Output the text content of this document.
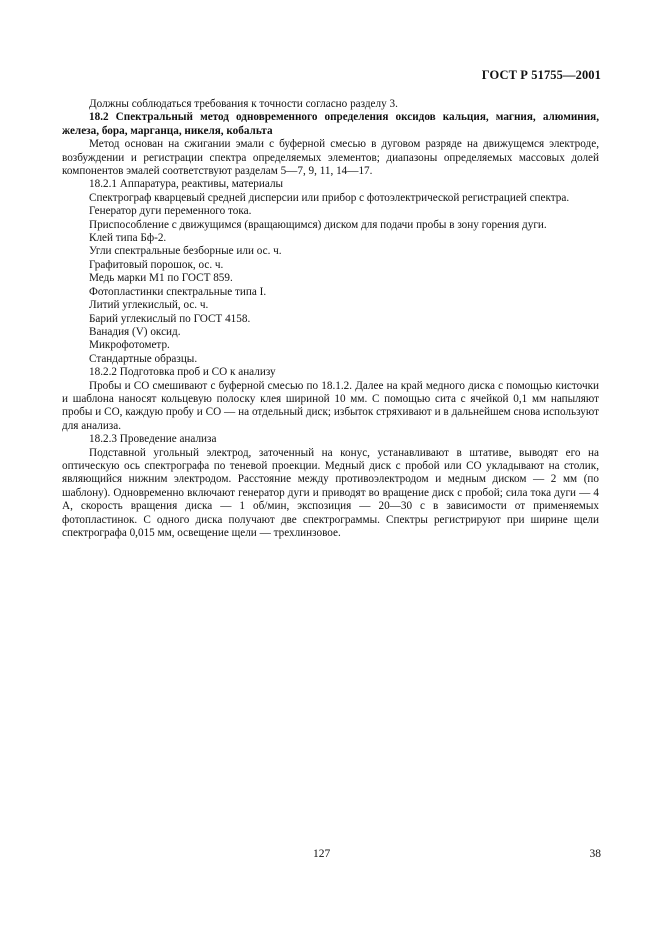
ГОСТ Р 51755—2001

Должны соблюдаться требования к точности согласно разделу 3.

18.2 Спектральный метод одновременного определения оксидов кальция, магния, алюминия, железа, бора, марганца, никеля, кобальта

Метод основан на сжигании эмали с буферной смесью в дуговом разряде на движущемся электроде, возбуждении и регистрации спектра определяемых элементов; диапазоны определяемых массовых долей компонентов эмалей соответствуют разделам 5—7, 9, 11, 14—17.

18.2.1 Аппаратура, реактивы, материалы

Спектрограф кварцевый средней дисперсии или прибор с фотоэлектрической регистрацией спектра.

Генератор дуги переменного тока.

Приспособление с движущимся (вращающимся) диском для подачи пробы в зону горения дуги.

Клей типа Бф-2.

Угли спектральные безборные или ос. ч.

Графитовый порошок, ос. ч.

Медь марки М1 по ГОСТ 859.

Фотопластинки спектральные типа I.

Литий углекислый, ос. ч.

Барий углекислый по ГОСТ 4158.

Ванадия (V) оксид.

Микрофотометр.

Стандартные образцы.

18.2.2 Подготовка проб и СО к анализу

Пробы и СО смешивают с буферной смесью по 18.1.2. Далее на край медного диска с помощью кисточки и шаблона наносят кольцевую полоску клея шириной 10 мм. С помощью сита с ячейкой 0,1 мм напыляют пробы и СО, каждую пробу и СО — на отдельный диск; избыток стряхивают и в дальнейшем снова используют для анализа.

18.2.3 Проведение анализа

Подставной угольный электрод, заточенный на конус, устанавливают в штативе, выводят его на оптическую ось спектрографа по теневой проекции. Медный диск с пробой или СО укладывают на столик, являющийся нижним электродом. Расстояние между противоэлектродом и медным диском — 2 мм (по шаблону). Одновременно включают генератор дуги и приводят во вращение диск с пробой; сила тока дуги — 4 А, скорость вращения диска — 1 об/мин, экспозиция — 20—30 с в зависимости от применяемых фотопластинок. С одного диска получают две спектрограммы. Спектры регистрируют при ширине щели спектрографа 0,015 мм, освещение щели — трехлинзовое.

127	38
